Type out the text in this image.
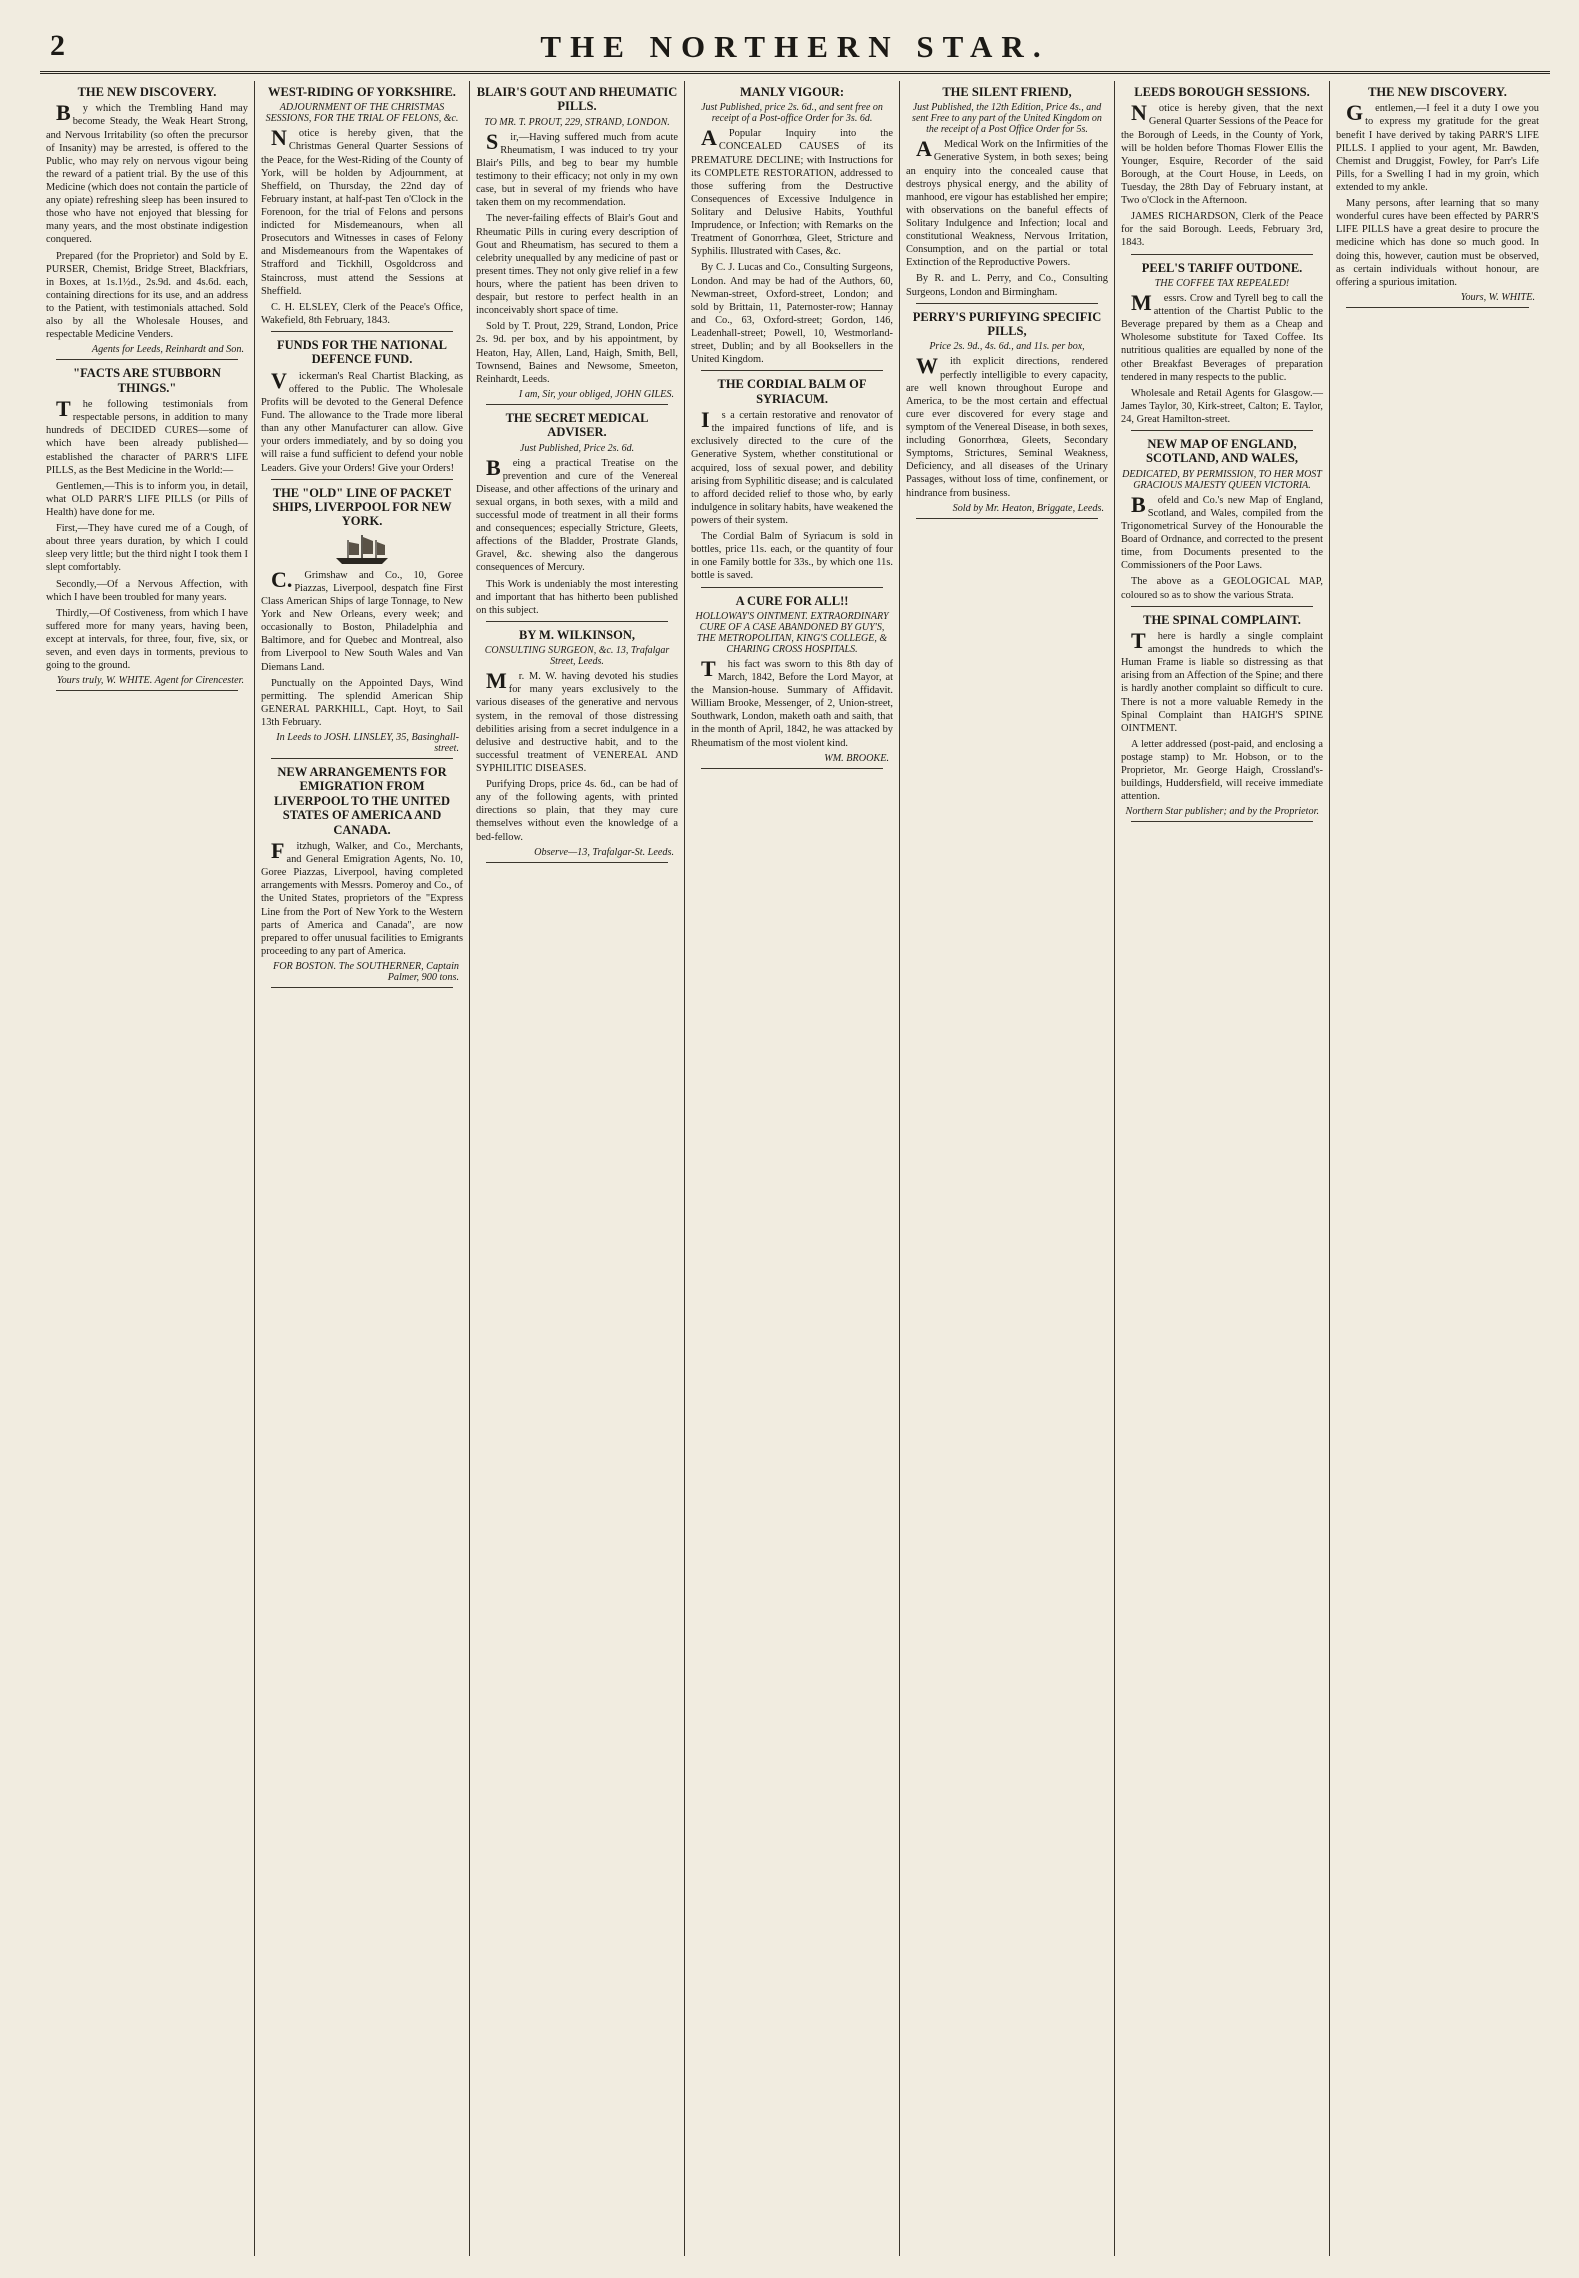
2	THE NORTHERN STAR.
THE NEW DISCOVERY.

By which the Trembling Hand may become Steady, the Weak Heart Strong, and Nervous Irritability (so often the precursor of Insanity) may be arrested, is offered to the Public, who may rely on nervous vigour being the reward of a patient trial. By the use of this Medicine (which does not contain the particle of any opiate) refreshing sleep has been insured to those who have not enjoyed that blessing for many years, and the most obstinate indigestion conquered.

Prepared (for the Proprietor) and Sold by E. PURSER, Chemist, Bridge Street, Blackfriars, in Boxes, at 1s.1½d., 2s.9d. and 4s.6d. each, containing directions for its use, and an address to the Patient, with testimonials attached. Sold also by all the Wholesale Houses, and respectable Medicine Venders.

Agents for Leeds, Reinhardt and Son.
"FACTS ARE STUBBORN THINGS."

The following testimonials from respectable persons, in addition to many hundreds of DECIDED CURES—some of which have been already published—established the character of PARR'S LIFE PILLS, as the Best Medicine in the World:—

Gentlemen,—This is to inform you, in detail, what OLD PARR'S LIFE PILLS (or Pills of Health) have done for me.

First,—They have cured me of a Cough, of about three years duration, by which I could sleep very little; but the third night I took them I slept comfortably.

Secondly,—Of a Nervous Affection, with which I have been troubled for many years.

Thirdly,—Of Costiveness, from which I have suffered more for many years, having been, except at intervals, for three, four, five, six, or seven, and even days in torments, previous to going to the ground.

Yours truly, W. WHITE. Agent for Cirencester.
WEST-RIDING OF YORKSHIRE.
ADJOURNMENT OF THE CHRISTMAS SESSIONS, FOR THE TRIAL OF FELONS, &c.

Notice is hereby given, that the Christmas General Quarter Sessions of the Peace, for the West-Riding of the County of York, will be holden by Adjournment, at Sheffield, on Thursday, the 22nd day of February instant, at half-past Ten o'Clock in the Forenoon, for the trial of Felons and persons indicted for Misdemeanours, when all Prosecutors and Witnesses in cases of Felony and Misdemeanours from the Wapentakes of Strafford and Tickhill, Osgoldcross and Staincross, must attend the Sessions at Sheffield.

C. H. ELSLEY, Clerk of the Peace's Office, Wakefield, 8th February, 1843.

FUNDS FOR THE NATIONAL DEFENCE FUND.

Vickerman's Real Chartist Blacking, as offered to the Public. The Wholesale Profits will be devoted to the General Defence Fund. The allowance to the Trade more liberal than any other Manufacturer can allow. Give your orders immediately, and by so doing you will raise a fund sufficient to defend your noble Leaders. Give your Orders! Give your Orders!

THE "OLD" LINE OF PACKET SHIPS, LIVERPOOL FOR NEW YORK.

C.Grimshaw and Co., 10, Goree Piazzas, Liverpool, despatch fine First Class American Ships of large Tonnage, to New York and New Orleans, every week; and occasionally to Boston, Philadelphia and Baltimore, and for Quebec and Montreal, also from Liverpool to New South Wales and Van Diemans Land.

Punctually on the Appointed Days, Wind permitting. The splendid American Ship GENERAL PARKHILL, Capt. Hoyt, to Sail 13th February.

In Leeds to JOSH. LINSLEY, 35, Basinghall-street.
NEW ARRANGEMENTS FOR EMIGRATION FROM LIVERPOOL TO THE UNITED STATES OF AMERICA AND CANADA.

Fitzhugh, Walker, and Co., Merchants, and General Emigration Agents, No. 10, Goree Piazzas, Liverpool, having completed arrangements with Messrs. Pomeroy and Co., of the United States, proprietors of the "Express Line from the Port of New York to the Western parts of America and Canada", are now prepared to offer unusual facilities to Emigrants proceeding to any part of America.

FOR BOSTON. The SOUTHERNER, Captain Palmer, 900 tons.
BLAIR'S GOUT AND RHEUMATIC PILLS.
TO MR. T. PROUT, 229, STRAND, LONDON.

Sir,—Having suffered much from acute Rheumatism, I was induced to try your Blair's Pills, and beg to bear my humble testimony to their efficacy; not only in my own case, but in several of my friends who have taken them on my recommendation.

The never-failing effects of Blair's Gout and Rheumatic Pills in curing every description of Gout and Rheumatism, has secured to them a celebrity unequalled by any medicine of past or present times. They not only give relief in a few hours, where the patient has been driven to despair, but restore to perfect health in an inconceivably short space of time.

Sold by T. Prout, 229, Strand, London, Price 2s. 9d. per box, and by his appointment, by Heaton, Hay, Allen, Land, Haigh, Smith, Bell, Townsend, Baines and Newsome, Smeeton, Reinhardt, Leeds.

I am, Sir, your obliged, JOHN GILES.
THE SECRET MEDICAL ADVISER.
Just Published, Price 2s. 6d.

Being a practical Treatise on the prevention and cure of the Venereal Disease, and other affections of the urinary and sexual organs, in both sexes, with a mild and successful mode of treatment in all their forms and consequences; especially Stricture, Gleets, affections of the Bladder, Prostrate Glands, Gravel, &c. shewing also the dangerous consequences of Mercury.

This Work is undeniably the most interesting and important that has hitherto been published on this subject.

BY M. WILKINSON,
CONSULTING SURGEON, &c. 13, Trafalgar Street, Leeds.

Mr. M. W. having devoted his studies for many years exclusively to the various diseases of the generative and nervous system, in the removal of those distressing debilities arising from a secret indulgence in a delusive and destructive habit, and to the successful treatment of VENEREAL AND SYPHILITIC DISEASES.

Purifying Drops, price 4s. 6d., can be had of any of the following agents, with printed directions so plain, that they may cure themselves without even the knowledge of a bed-fellow.

Observe—13, Trafalgar-St. Leeds.
MANLY VIGOUR:
Just Published, price 2s. 6d., and sent free on receipt of a Post-office Order for 3s. 6d.

APopular Inquiry into the CONCEALED CAUSES of its PREMATURE DECLINE; with Instructions for its COMPLETE RESTORATION, addressed to those suffering from the Destructive Consequences of Excessive Indulgence in Solitary and Delusive Habits, Youthful Imprudence, or Infection; with Remarks on the Treatment of Gonorrhœa, Gleet, Stricture and Syphilis. Illustrated with Cases, &c.

By C. J. Lucas and Co., Consulting Surgeons, London. And may be had of the Authors, 60, Newman-street, Oxford-street, London; and sold by Brittain, 11, Paternoster-row; Hannay and Co., 63, Oxford-street; Gordon, 146, Leadenhall-street; Powell, 10, Westmorland-street, Dublin; and by all Booksellers in the United Kingdom.

THE CORDIAL BALM OF SYRIACUM.

Is a certain restorative and renovator of the impaired functions of life, and is exclusively directed to the cure of the Generative System, whether constitutional or acquired, loss of sexual power, and debility arising from Syphilitic disease; and is calculated to afford decided relief to those who, by early indulgence in solitary habits, have weakened the powers of their system.

The Cordial Balm of Syriacum is sold in bottles, price 11s. each, or the quantity of four in one Family bottle for 33s., by which one 11s. bottle is saved.

A CURE FOR ALL!!
HOLLOWAY'S OINTMENT. EXTRAORDINARY CURE OF A CASE ABANDONED BY GUY'S, THE METROPOLITAN, KING'S COLLEGE, & CHARING CROSS HOSPITALS.

This fact was sworn to this 8th day of March, 1842, Before the Lord Mayor, at the Mansion-house. Summary of Affidavit. William Brooke, Messenger, of 2, Union-street, Southwark, London, maketh oath and saith, that in the month of April, 1842, he was attacked by Rheumatism of the most violent kind.

WM. BROOKE.
THE SILENT FRIEND,
Just Published, the 12th Edition, Price 4s., and sent Free to any part of the United Kingdom on the receipt of a Post Office Order for 5s.

AMedical Work on the Infirmities of the Generative System, in both sexes; being an enquiry into the concealed cause that destroys physical energy, and the ability of manhood, ere vigour has established her empire; with observations on the baneful effects of Solitary Indulgence and Infection; local and constitutional Weakness, Nervous Irritation, Consumption, and on the partial or total Extinction of the Reproductive Powers.

By R. and L. Perry, and Co., Consulting Surgeons, London and Birmingham.

PERRY'S PURIFYING SPECIFIC PILLS,
Price 2s. 9d., 4s. 6d., and 11s. per box,

With explicit directions, rendered perfectly intelligible to every capacity, are well known throughout Europe and America, to be the most certain and effectual cure ever discovered for every stage and symptom of the Venereal Disease, in both sexes, including Gonorrhœa, Gleets, Secondary Symptoms, Strictures, Seminal Weakness, Deficiency, and all diseases of the Urinary Passages, without loss of time, confinement, or hindrance from business.

Sold by Mr. Heaton, Briggate, Leeds.
LEEDS BOROUGH SESSIONS.

Notice is hereby given, that the next General Quarter Sessions of the Peace for the Borough of Leeds, in the County of York, will be holden before Thomas Flower Ellis the Younger, Esquire, Recorder of the said Borough, at the Court House, in Leeds, on Tuesday, the 28th Day of February instant, at Two o'Clock in the Afternoon.

JAMES RICHARDSON, Clerk of the Peace for the said Borough. Leeds, February 3rd, 1843.

PEEL'S TARIFF OUTDONE.
THE COFFEE TAX REPEALED!

Messrs. Crow and Tyrell beg to call the attention of the Chartist Public to the Beverage prepared by them as a Cheap and Wholesome substitute for Taxed Coffee. Its nutritious qualities are equalled by none of the other Breakfast Beverages of preparation tendered in many respects to the public.

Wholesale and Retail Agents for Glasgow.—James Taylor, 30, Kirk-street, Calton; E. Taylor, 24, Great Hamilton-street.

NEW MAP OF ENGLAND, SCOTLAND, AND WALES,
DEDICATED, BY PERMISSION, TO HER MOST GRACIOUS MAJESTY QUEEN VICTORIA.

Bofeld and Co.'s new Map of England, Scotland, and Wales, compiled from the Trigonometrical Survey of the Honourable the Board of Ordnance, and corrected to the present time, from Documents presented to the Commissioners of the Poor Laws.

The above as a GEOLOGICAL MAP, coloured so as to show the various Strata.

THE SPINAL COMPLAINT.

There is hardly a single complaint amongst the hundreds to which the Human Frame is liable so distressing as that arising from an Affection of the Spine; and there is hardly another complaint so difficult to cure. There is not a more valuable Remedy in the Spinal Complaint than HAIGH'S SPINE OINTMENT.

A letter addressed (post-paid, and enclosing a postage stamp) to Mr. Hobson, or to the Proprietor, Mr. George Haigh, Crossland's-buildings, Huddersfield, will receive immediate attention.

Northern Star publisher; and by the Proprietor.
THE NEW DISCOVERY.

Gentlemen,—I feel it a duty I owe you to express my gratitude for the great benefit I have derived by taking PARR'S LIFE PILLS. I applied to your agent, Mr. Bawden, Chemist and Druggist, Fowley, for Parr's Life Pills, for a Swelling I had in my groin, which extended to my ankle.

Many persons, after learning that so many wonderful cures have been effected by PARR'S LIFE PILLS have a great desire to procure the medicine which has done so much good. In doing this, however, caution must be observed, as certain individuals without honour, are offering a spurious imitation.

Yours, W. WHITE.
